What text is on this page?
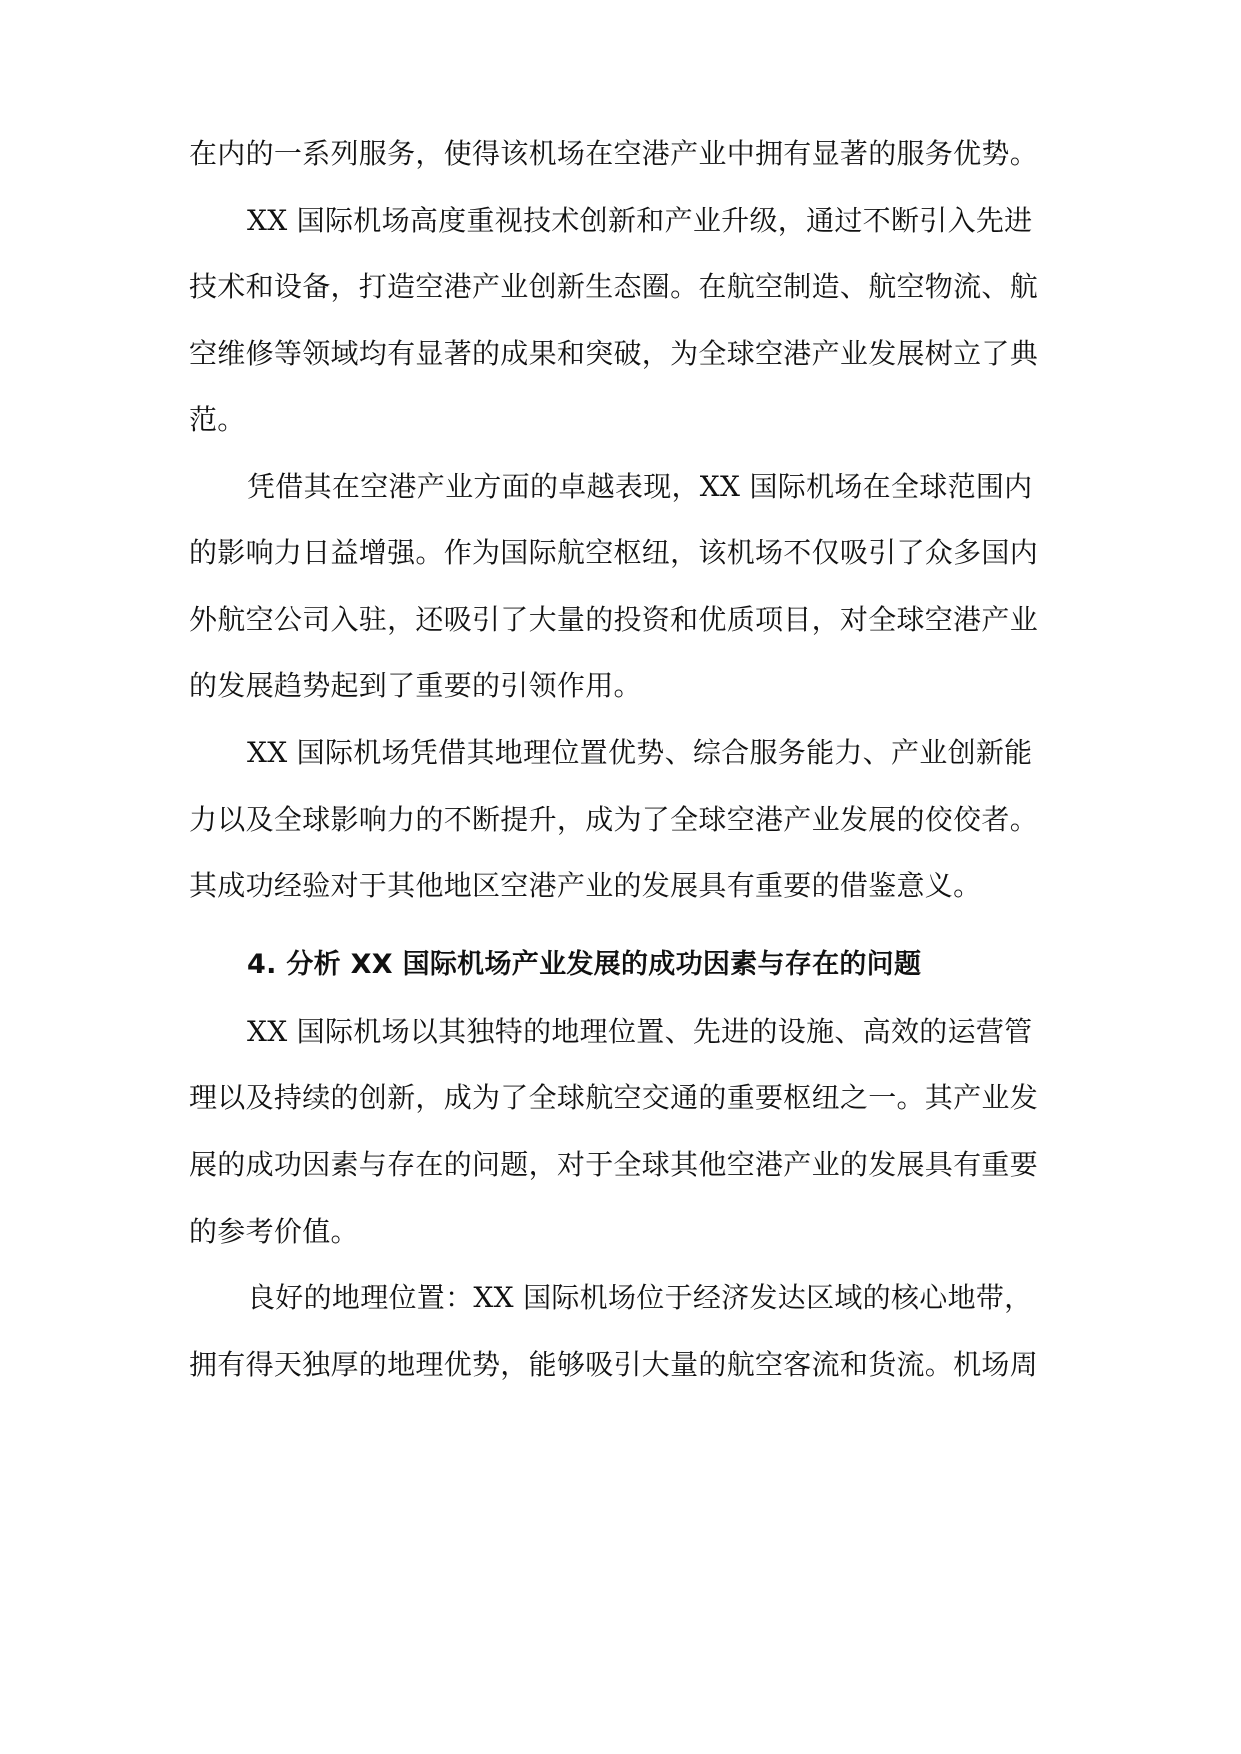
在内的一系列服务，使得该机场在空港产业中拥有显著的服务优势。
XX 国际机场高度重视技术创新和产业升级，通过不断引入先进
技术和设备，打造空港产业创新生态圈。在航空制造、航空物流、航
空维修等领域均有显著的成果和突破，为全球空港产业发展树立了典
范。
凭借其在空港产业方面的卓越表现，XX 国际机场在全球范围内
的影响力日益增强。作为国际航空枢纽，该机场不仅吸引了众多国内
外航空公司入驻，还吸引了大量的投资和优质项目，对全球空港产业
的发展趋势起到了重要的引领作用。
XX 国际机场凭借其地理位置优势、综合服务能力、产业创新能
力以及全球影响力的不断提升，成为了全球空港产业发展的佼佼者。
其成功经验对于其他地区空港产业的发展具有重要的借鉴意义。
4. 分析 XX 国际机场产业发展的成功因素与存在的问题
XX 国际机场以其独特的地理位置、先进的设施、高效的运营管
理以及持续的创新，成为了全球航空交通的重要枢纽之一。其产业发
展的成功因素与存在的问题，对于全球其他空港产业的发展具有重要
的参考价值。
良好的地理位置：XX 国际机场位于经济发达区域的核心地带，
拥有得天独厚的地理优势，能够吸引大量的航空客流和货流。机场周
